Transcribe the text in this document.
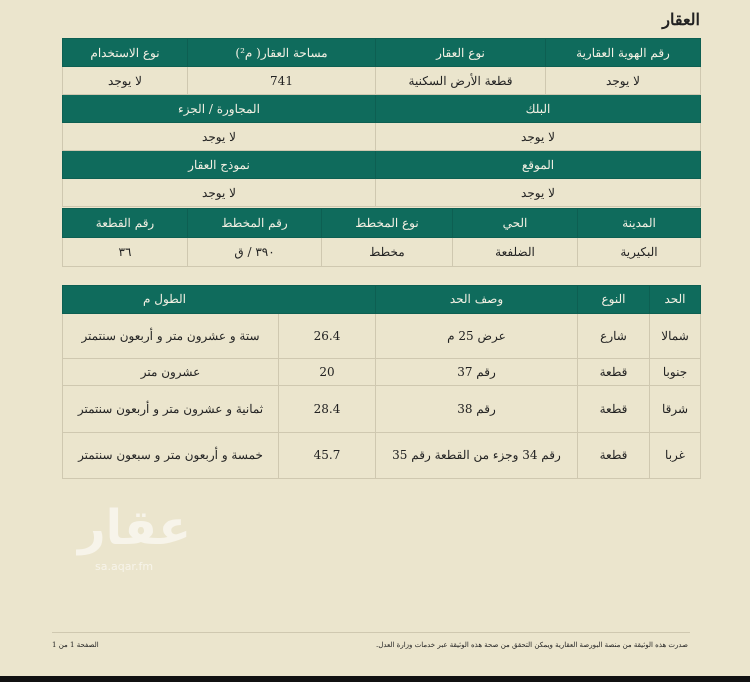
العقار
رقم الهوية العقارية	نوع العقار	مساحة العقار( م²)	نوع الاستخدام
لا يوجد	قطعة الأرض السكنية	741	لا يوجد
البلك		المجاورة / الجزء	
لا يوجد		لا يوجد	
الموقع		نموذج العقار	
لا يوجد		لا يوجد	
المدينة	الحي	نوع المخطط	رقم المخطط	رقم القطعة
البكيرية	الضلفعة	مخطط	٣٩٠ / ق	٣٦
الحد	النوع	وصف الحد	الطول م	
شمالا	شارع	عرض 25 م	26.4	ستة و عشرون متر و أربعون سنتمتر
جنوبا	قطعة	رقم 37	20	عشرون متر
شرقا	قطعة	رقم 38	28.4	ثمانية و عشرون متر و أربعون سنتمتر
غربا	قطعة	رقم 34 وجزء من القطعة رقم 35	45.7	خمسة و أربعون متر و سبعون سنتمتر
عقار
sa.aqar.fm
صدرت هذه الوثيقة من منصة البورصة العقارية ويمكن التحقق من صحة هذه الوثيقة عبر خدمات وزارة العدل.
الصفحة 1 من 1
